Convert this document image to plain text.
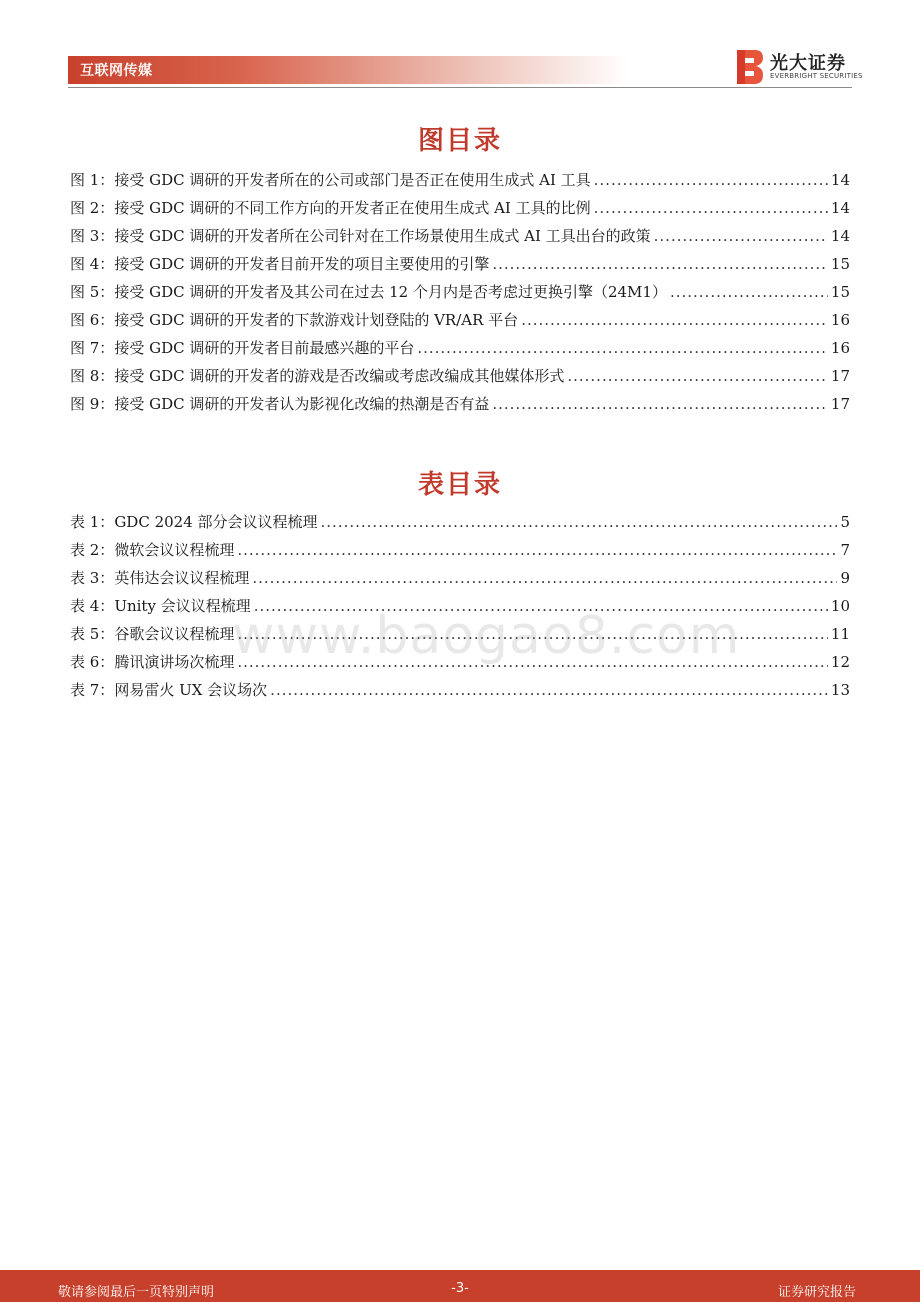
互联网传媒	光大证券
EVERBRIGHT SECURITIES
图目录
图 1： 接受 GDC 调研的开发者所在的公司或部门是否正在使用生成式 AI 工具 .....	14
图 2： 接受 GDC 调研的不同工作方向的开发者正在使用生成式 AI 工具的比例 .....	14
图 3： 接受 GDC 调研的开发者所在公司针对在工作场景使用生成式 AI 工具出台的政策 .....	14
图 4： 接受 GDC 调研的开发者目前开发的项目主要使用的引擎 .....	15
图 5： 接受 GDC 调研的开发者及其公司在过去 12 个月内是否考虑过更换引擎（24M1） .....	15
图 6： 接受 GDC 调研的开发者的下款游戏计划登陆的 VR/AR 平台 .....	16
图 7： 接受 GDC 调研的开发者目前最感兴趣的平台 .....	16
图 8： 接受 GDC 调研的开发者的游戏是否改编或考虑改编成其他媒体形式 .....	17
图 9： 接受 GDC 调研的开发者认为影视化改编的热潮是否有益 .....	17
表目录
表 1： GDC 2024 部分会议议程梳理 .....	5
表 2： 微软会议议程梳理 .....	7
表 3： 英伟达会议议程梳理 .....	9
表 4： Unity 会议议程梳理 .....	10
表 5： 谷歌会议议程梳理 .....	11
表 6： 腾讯演讲场次梳理 .....	12
表 7： 网易雷火 UX 会议场次 .....	13
www.baogao8.com
敬请参阅最后一页特别声明	-3-	证券研究报告
